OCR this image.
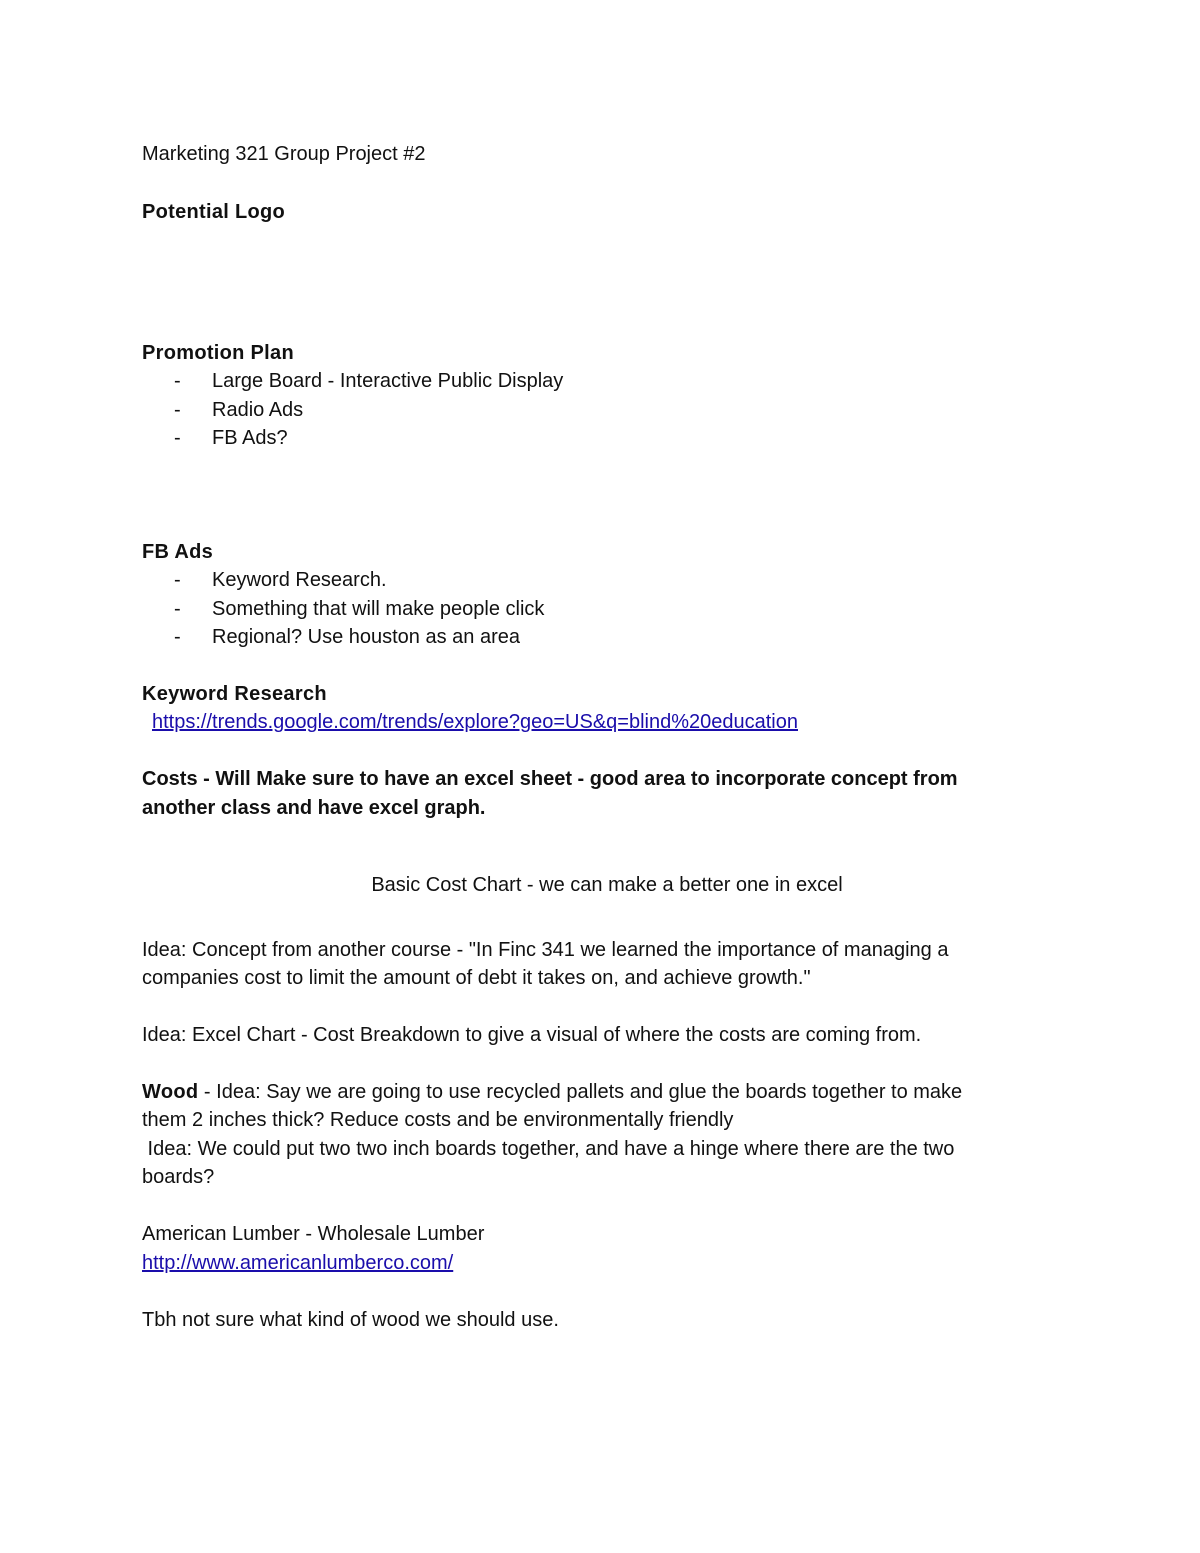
Marketing 321 Group Project #2

Potential Logo

Promotion Plan

- Large Board - Interactive Public Display
- Radio Ads
- FB Ads?

FB Ads

- Keyword Research.
- Something that will make people click
- Regional? Use houston as an area

Keyword Research

https://trends.google.com/trends/explore?geo=US&q=blind%20education

Costs - Will Make sure to have an excel sheet - good area to incorporate concept from

another class and have excel graph.

Basic Cost Chart - we can make a better one in excel

Idea: Concept from another course - "In Finc 341 we learned the importance of managing a

companies cost to limit the amount of debt it takes on, and achieve growth."

Idea: Excel Chart - Cost Breakdown to give a visual of where the costs are coming from.

Wood - Idea: Say we are going to use recycled pallets and glue the boards together to make

them 2 inches thick? Reduce costs and be environmentally friendly

Idea: We could put two two inch boards together, and have a hinge where there are the two

boards?

American Lumber - Wholesale Lumber

http://www.americanlumberco.com/

Tbh not sure what kind of wood we should use.
